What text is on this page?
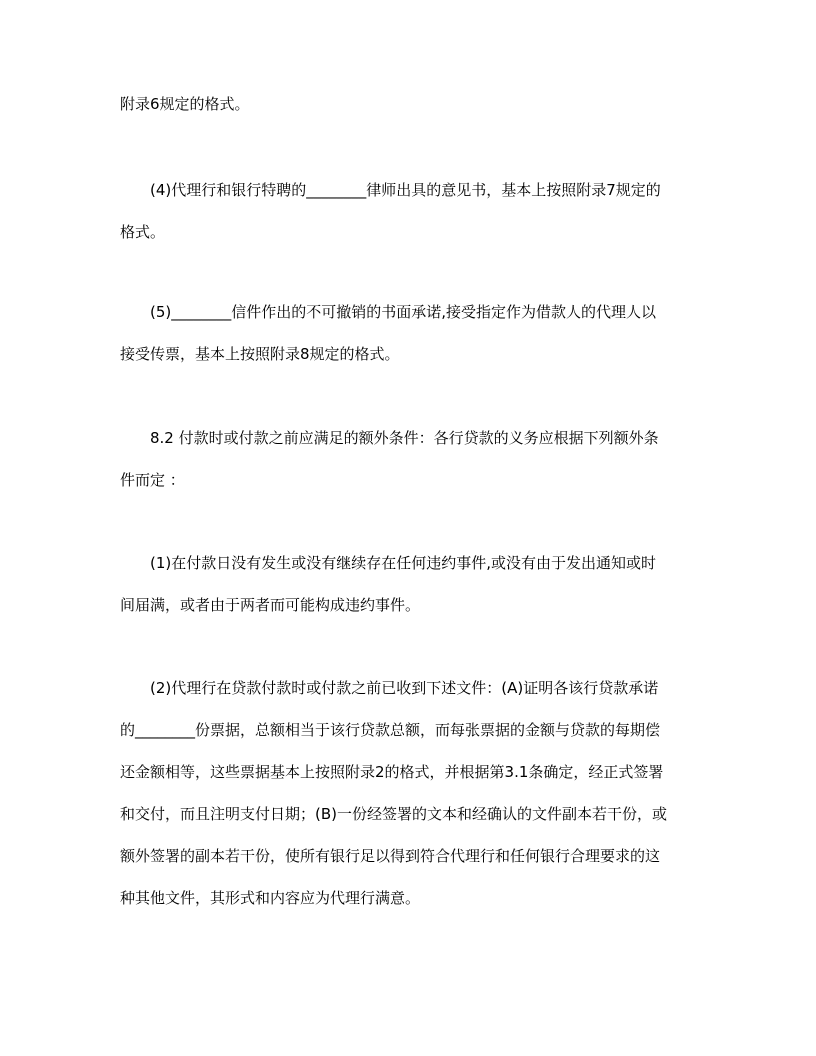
附录6规定的格式。
(4)代理行和银行特聘的________律师出具的意见书，基本上按照附录7规定的
格式。
(5)________信件作出的不可撤销的书面承诺,接受指定作为借款人的代理人以
接受传票，基本上按照附录8规定的格式。
8.2 付款时或付款之前应满足的额外条件：各行贷款的义务应根据下列额外条
件而定 ：
(1)在付款日没有发生或没有继续存在任何违约事件,或没有由于发出通知或时
间届满，或者由于两者而可能构成违约事件。
(2)代理行在贷款付款时或付款之前已收到下述文件：(A)证明各该行贷款承诺
的________份票据，总额相当于该行贷款总额，而每张票据的金额与贷款的每期偿
还金额相等，这些票据基本上按照附录2的格式，并根据第3.1条确定，经正式签署
和交付，而且注明支付日期；(B)一份经签署的文本和经确认的文件副本若干份，或
额外签署的副本若干份，使所有银行足以得到符合代理行和任何银行合理要求的这
种其他文件，其形式和内容应为代理行满意。
